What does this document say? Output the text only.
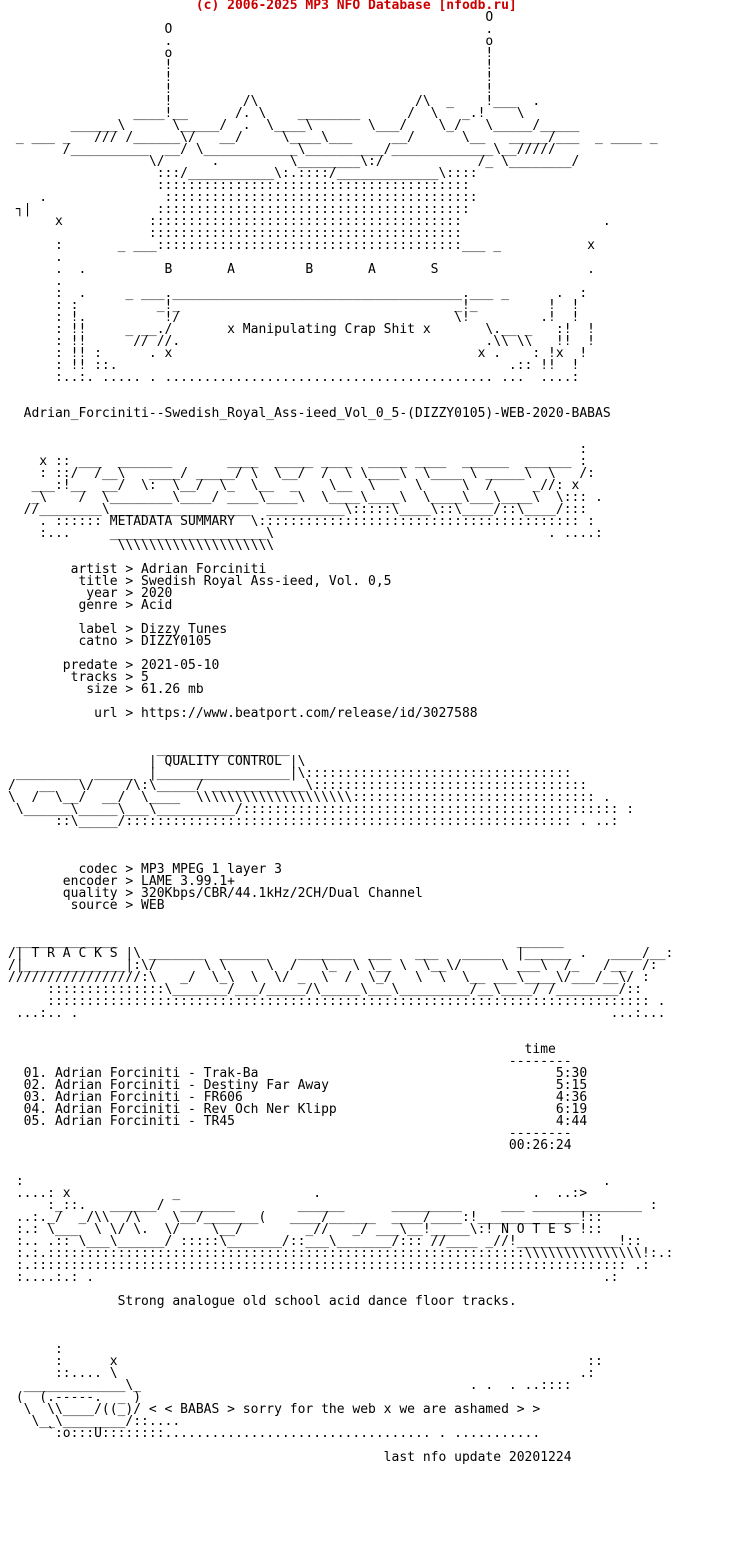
(c) 2006-2025 MP3 NFO Database [nfodb.ru]
O
O                                        .
.                                        o
o                                        !
!                                        !
!                                        !
!                                        !
!         /\                    /\  _    !___  .
____!__      /. \    ________      /  \   _.!    \
______\      \_____/  .  \____\       \___/    \_/   \_____/_____
_ ___ _   /// /______\/   __/     \____\___     __/      \__   _____/___  _ ____ _
/__________  __/ \____________\__________/_____________\__/////
\/      .         \________\:/            /_ \________/
:::/___________\:.::::/_____________\::::
::::::::::::::::::::::::::::::::::::::::
.               ::::::::::::::::::::::::::::::::::::::::
┐|                ::::::::::::::::::::::::::::::::::::::::
x           ::::::::::::::::::::::::::::::::::::::::                  .
::::::::::::::::::::::::::::::::::::::::
:       _ ___:::::::::::::::::::::::::::::::::::::::___ _           x
.
.  .          B       A         B       A       S                   .
.
:  .     _ ___._____________________________________.___ _      .  :
: :          _!_                                   _!_         !  !
: !.          !/                                   \!         .!  !
: !!     _ __./       x Manipulating Crap Shit x       \.__ _   :!  !
: !!      // //.                                       .\\ \\   !!  !
: !! :      . x                                       x .    : !x  !
: !! ::.                                                  .:: !!  !
:..:. ..... . .......................................... ...  ....:

Adrian_Forciniti--Swedish_Royal_Ass-ieed_Vol_0_5-(DIZZY0105)-WEB-2020-BABAS

:
x :: ___  _______       ____  _____ ____  _____ ____  ______  ______ :
: ::/  /__\   ____/ _____/ \  \__/  /  \ \____\  \____ \ _____\  \   /:
___:!__  __/  \:  \__/  \_  \__  _    \__  \     \     \  /     _//: x
_\    /  \________\____/ ____\____\  \____\____\  \____\___\____\  \::: .
//________\__________________  __________\:::::\____\::\____/::\____/:::
. :::::: METADATA SUMMARY  \::::::::::::::::::::::::::::::::::::::::: :
:...     ____________________\                                   . ....:
\\\\\\\\\\\\\\\\\\\\

artist > Adrian Forciniti
title > Swedish Royal Ass-ieed, Vol. 0,5
year > 2020
genre > Acid

label > Dizzy Tunes
catno > DIZZY0105

predate > 2021-05-10
tracks > 5
size > 61.26 mb

url > https://www.beatport.com/release/id/3027588

_________________
| QUALITY CONTROL |\
________  _____  |_________________|\::::::::::::::::::::::::::::::::::
/   __   \/    /\:\_____/ ____________\:::::::::::::::::::::::::::::::::::
\  /  \__/  __/  \____  \\\\\\\\\\\\\\\\\\\\::::::::::::::::::::::::::::::: .
\______\_____\___\__________/:::::::::::::::::::::::::::::::::::::::::::::::: :
::\_____/::::::::::::::::::::::::::::::::::::::::::::::::::::::::: . ..:

codec > MP3 MPEG 1 layer 3
encoder > LAME 3.99.1+
quality > 320Kbps/CBR/44.1kHz/2CH/Dual Channel
source > WEB

_____________                                                   ______
/| T R A C K S |\ _______  ______    _______  ___   ___   _____  |______ .   ____/__:
/|_____________|:\/      \ \     \  /   \_  \ \__ \  \__\/     \ ___\  /_   /__  /:
/////////////////:\   _/  \_\  \  \/ _  \  /  \_/   \  \  \__ ___\____\/___/__\/ :
:::::::::::::::\_______/___/_____/\_____\___\_________/__\____/ /________/::
::::::::::::::::::::::::::::::::::::::::::::::::::::::::::::::::::::::::::::: .
...:.. .                                                                    ...:...

time
--------
01. Adrian Forciniti - Trak-Ba                                      5:30
02. Adrian Forciniti - Destiny Far Away                             5:15
03. Adrian Forciniti - FR606                                        4:36
04. Adrian Forciniti - Rev Och Ner Klipp                            6:19
05. Adrian Forciniti - TR45                                         4:44
--------
00:26:24

:                                                                          .
....: x             _                 .                           .  ..:>
:_::.   ______/  _______        ______      _________     ___ ______________ :
..:._/  _/\\  /\    \__/_______(   ____/______  ____/____:!_____________!::
:.: \___  \ \/ \.  \/    \__/        _//   _/ ___\__!_____\:! N O T E S !::
:.. .:: \___\______/ :::::\_______/::___\_______/::: //____ _//!_____________!::
:.:.:::::::::::::::::::::::::::::::::::::::::::::::::::::::::::::\\\\\\\\\\\\\\\!:.:
:.:::::::::::::::::::::::::::::::::::::::::::::::::::::::::::::::::::::::::::: .:
:....:.: .                                                                 .:

Strong analogue old school acid dance floor tracks.

:
:      x                                                            ::
::.... \                                                           .:
_____________\_                                          . .  . ..::::
(  (.-----.  _ )
\  \\____/((_)/ < < BABAS > sorry for the web x we are ashamed > >
\__\________/::....
`:o:::U::::::::.................................. . ...........

last nfo update 20201224
